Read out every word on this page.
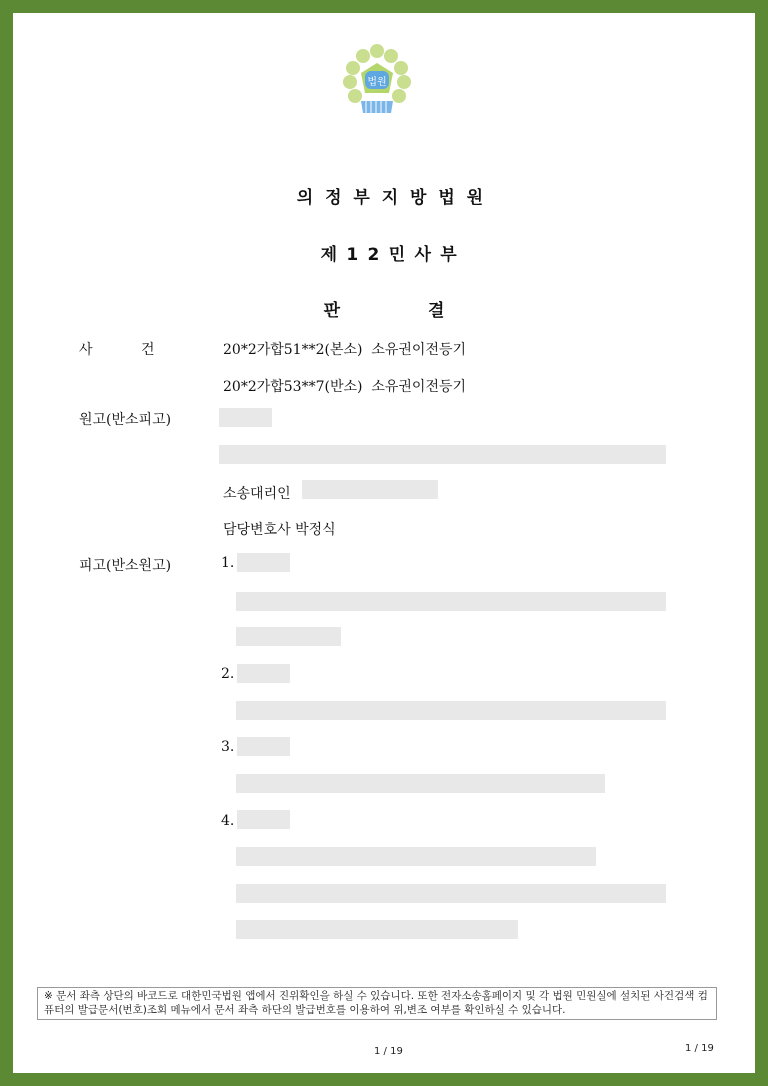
법원
의정부지방법원
제12민사부
판	결
사 건	20*2가합51**2(본소)  소유권이전등기
20*2가합53**7(반소)  소유권이전등기
원고(반소피고)
소송대리인
담당변호사 박정식
피고(반소원고)	1.
2.
3.
4.
※ 문서 좌측 상단의 바코드로 대한민국법원 앱에서 진위확인을 하실 수 있습니다. 또한 전자소송홈페이지 및 각 법원 민원실에 설치된 사건검색 컴퓨터의 발급문서(번호)조회 메뉴에서 문서 좌측 하단의 발급번호를 이용하여 위,변조 여부를 확인하실 수 있습니다.
1 / 19	1 / 19
